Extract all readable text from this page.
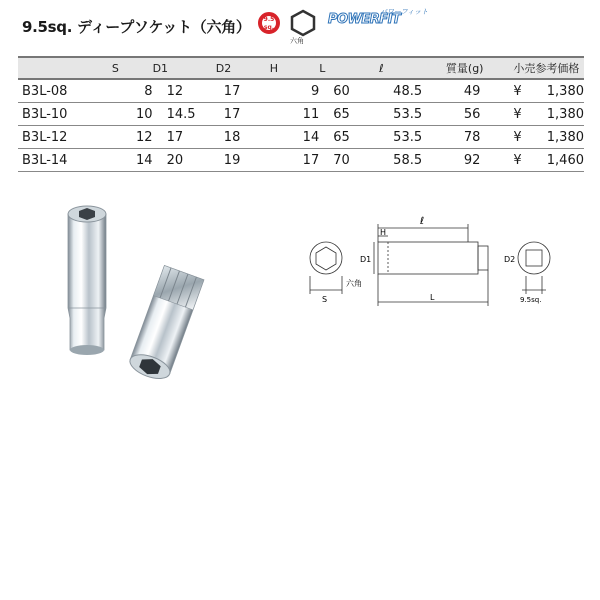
9.5sq. ディープソケット（六角） 9.5
sq.
六角
POWERFIT
パワーフィット
	S	D1	D2	H	L	ℓ	質量(g)	小売参考価格	
B3L-08	8	12	17	9	60	48.5	49	¥	1,380
B3L-10	10	14.5	17	11	65	53.5	56	¥	1,380
B3L-12	12	17	18	14	65	53.5	78	¥	1,380
B3L-14	14	20	19	17	70	58.5	92	¥	1,460
ℓ
H
D1	D2
S
六角
L	9.5sq.
